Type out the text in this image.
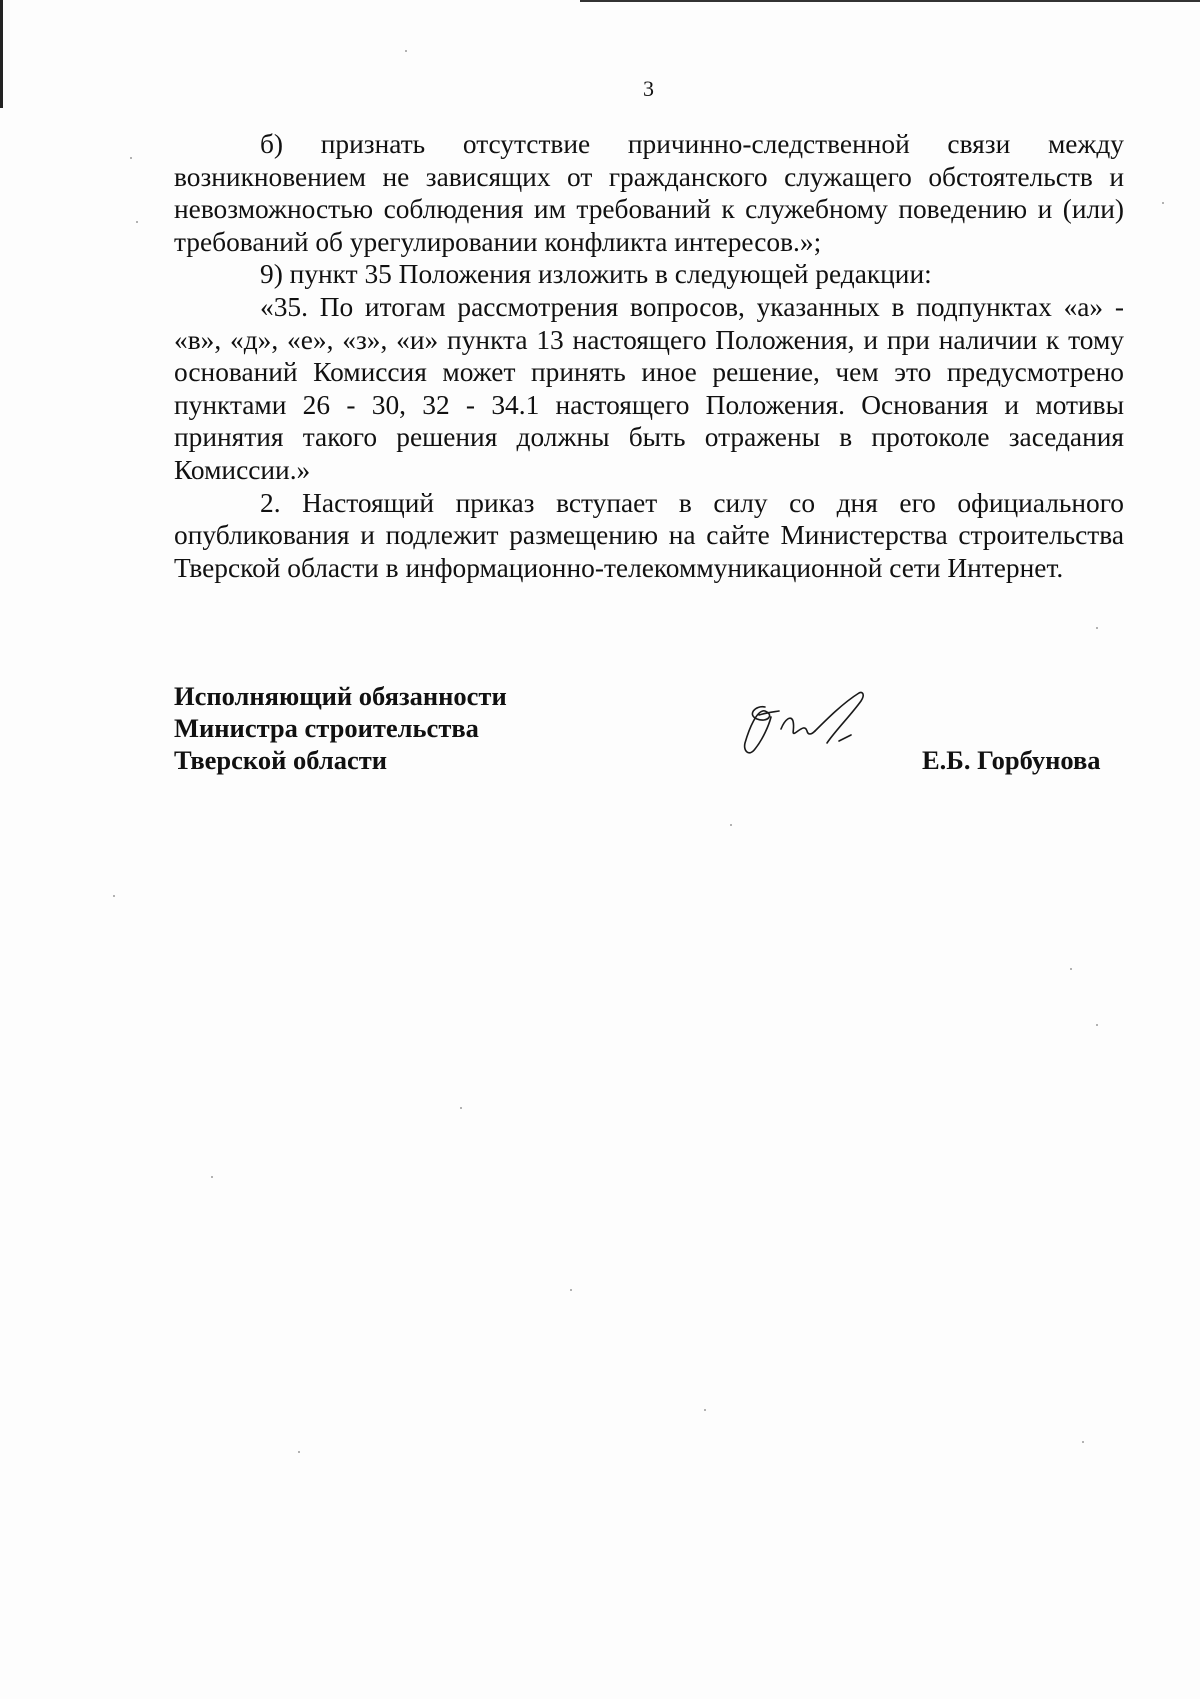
3

б) признать отсутствие причинно-следственной связи между возникновением не зависящих от гражданского служащего обстоятельств и невозможностью соблюдения им требований к служебному поведению и (или) требований об урегулировании конфликта интересов.»;

9) пункт 35 Положения изложить в следующей редакции:

«35. По итогам рассмотрения вопросов, указанных в подпунктах «а» - «в», «д», «е», «з», «и» пункта 13 настоящего Положения, и при наличии к тому оснований Комиссия может принять иное решение, чем это предусмотрено пунктами 26 - 30, 32 - 34.1 настоящего Положения. Основания и мотивы принятия такого решения должны быть отражены в протоколе заседания Комиссии.»

2. Настоящий приказ вступает в силу со дня его официального опубликования и подлежит размещению на сайте Министерства строительства Тверской области в информационно-телекоммуникационной сети Интернет.

Исполняющий обязанности
Министра строительства
Тверской области	Е.Б. Горбунова
